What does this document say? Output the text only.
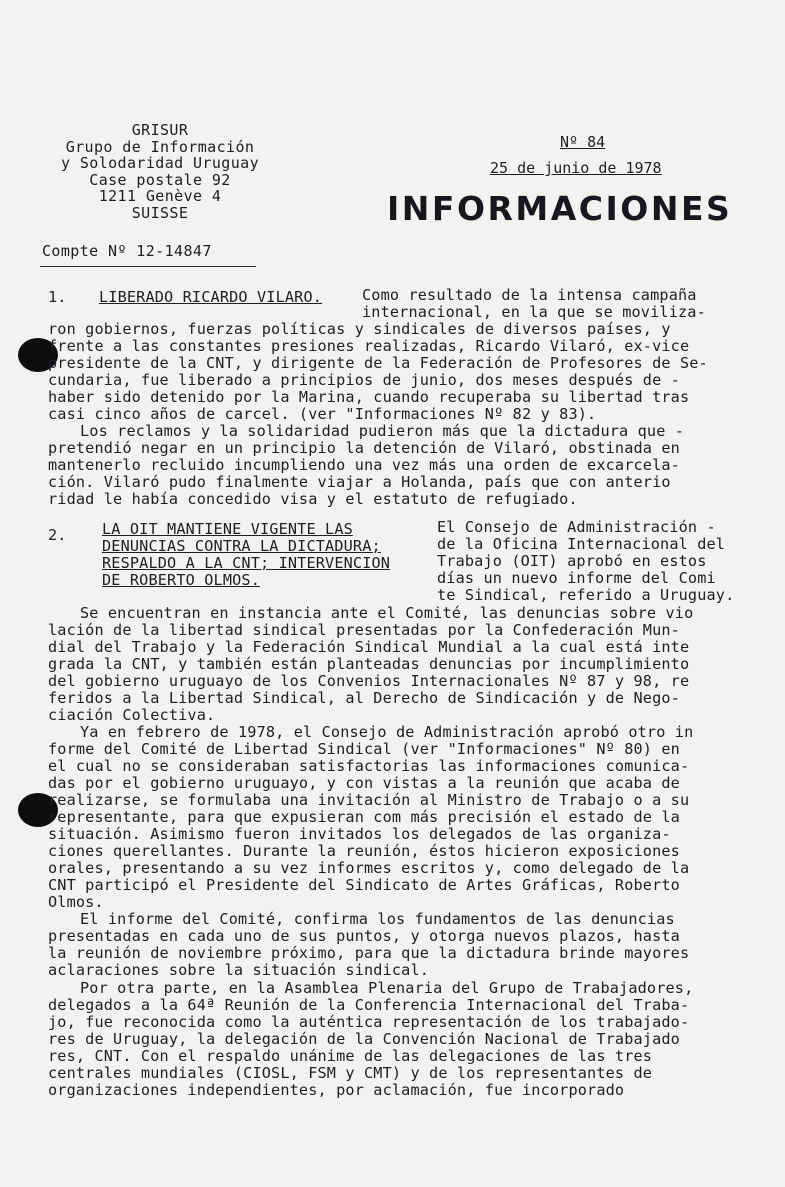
GRISUR
Grupo de Información
y Solodaridad Uruguay
Case postale 92
1211 Genève 4
SUISSE
Compte Nº 12-14847
Nº 84
25 de junio de 1978
INFORMACIONES
1. LIBERADO RICARDO VILARO.	Como resultado de la intensa campaña
internacional, en la que se moviliza-
ron gobiernos, fuerzas políticas y sindicales de diversos países, y
frente a las constantes presiones realizadas, Ricardo Vilaró, ex-vice
presidente de la CNT, y dirigente de la Federación de Profesores de Se-
cundaria, fue liberado a principios de junio, dos meses después de -
haber sido detenido por la Marina, cuando recuperaba su libertad tras
casi cinco años de carcel. (ver "Informaciones Nº 82 y 83).
Los reclamos y la solidaridad pudieron más que la dictadura que -
pretendió negar en un principio la detención de Vilaró, obstinada en
mantenerlo recluido incumpliendo una vez más una orden de excarcela-
ción. Vilaró pudo finalmente viajar a Holanda, país que con anterio
ridad le había concedido visa y el estatuto de refugiado.
2. LA OIT MANTIENE VIGENTE LAS
DENUNCIAS CONTRA LA DICTADURA;
RESPALDO A LA CNT; INTERVENCION
DE ROBERTO OLMOS.
El Consejo de Administración -
de la Oficina Internacional del
Trabajo (OIT) aprobó en estos
días un nuevo informe del Comi
te Sindical, referido a Uruguay.
Se encuentran en instancia ante el Comité, las denuncias sobre vio
lación de la libertad sindical presentadas por la Confederación Mun-
dial del Trabajo y la Federación Sindical Mundial a la cual está inte
grada la CNT, y también están planteadas denuncias por incumplimiento
del gobierno uruguayo de los Convenios Internacionales Nº 87 y 98, re
feridos a la Libertad Sindical, al Derecho de Sindicación y de Nego-
ciación Colectiva.
Ya en febrero de 1978, el Consejo de Administración aprobó otro in
forme del Comité de Libertad Sindical (ver "Informaciones" Nº 80) en
el cual no se consideraban satisfactorias las informaciones comunica-
das por el gobierno uruguayo, y con vistas a la reunión que acaba de
realizarse, se formulaba una invitación al Ministro de Trabajo o a su
representante, para que expusieran com más precisión el estado de la
situación. Asimismo fueron invitados los delegados de las organiza-
ciones querellantes. Durante la reunión, éstos hicieron exposiciones
orales, presentando a su vez informes escritos y, como delegado de la
CNT participó el Presidente del Sindicato de Artes Gráficas, Roberto
Olmos.
El informe del Comité, confirma los fundamentos de las denuncias
presentadas en cada uno de sus puntos, y otorga nuevos plazos, hasta
la reunión de noviembre próximo, para que la dictadura brinde mayores
aclaraciones sobre la situación sindical.
Por otra parte, en la Asamblea Plenaria del Grupo de Trabajadores,
delegados a la 64ª Reunión de la Conferencia Internacional del Traba-
jo, fue reconocida como la auténtica representación de los trabajado-
res de Uruguay, la delegación de la Convención Nacional de Trabajado
res, CNT. Con el respaldo unánime de las delegaciones de las tres
centrales mundiales (CIOSL, FSM y CMT) y de los representantes de
organizaciones independientes, por aclamación, fue incorporado
